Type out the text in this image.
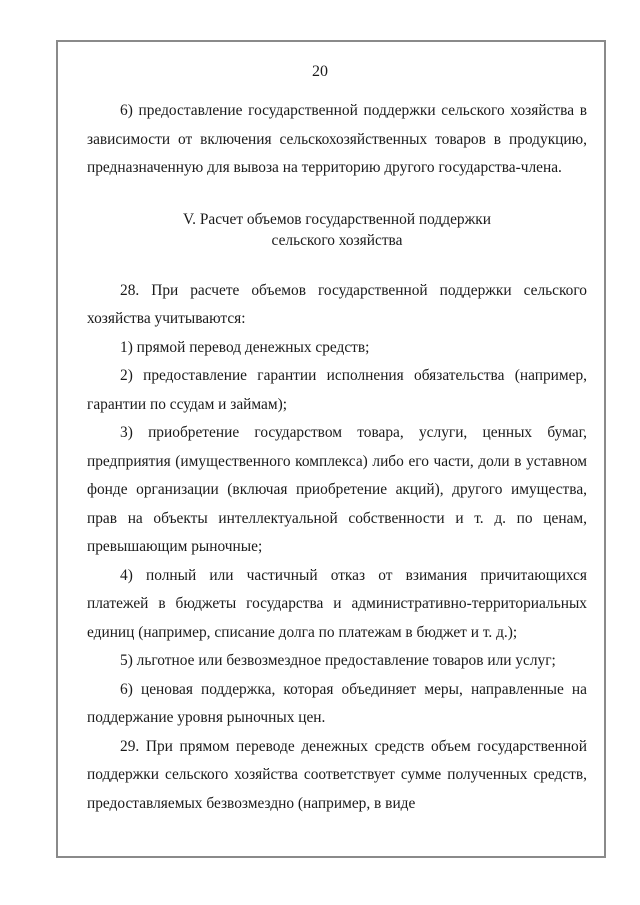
20

6) предоставление государственной поддержки сельского хозяйства в зависимости от включения сельскохозяйственных товаров в продукцию, предназначенную для вывоза на территорию другого государства-члена.

V. Расчет объемов государственной поддержки
сельского хозяйства

28. При расчете объемов государственной поддержки сельского хозяйства учитываются:

1) прямой перевод денежных средств;

2) предоставление гарантии исполнения обязательства (например, гарантии по ссудам и займам);

3) приобретение государством товара, услуги, ценных бумаг, предприятия (имущественного комплекса) либо его части, доли в уставном фонде организации (включая приобретение акций), другого имущества, прав на объекты интеллектуальной собственности и т. д. по ценам, превышающим рыночные;

4) полный или частичный отказ от взимания причитающихся платежей в бюджеты государства и административно-территориальных единиц (например, списание долга по платежам в бюджет и т. д.);

5) льготное или безвозмездное предоставление товаров или услуг;

6) ценовая поддержка, которая объединяет меры, направленные на поддержание уровня рыночных цен.

29. При прямом переводе денежных средств объем государственной поддержки сельского хозяйства соответствует сумме полученных средств, предоставляемых безвозмездно (например, в виде
